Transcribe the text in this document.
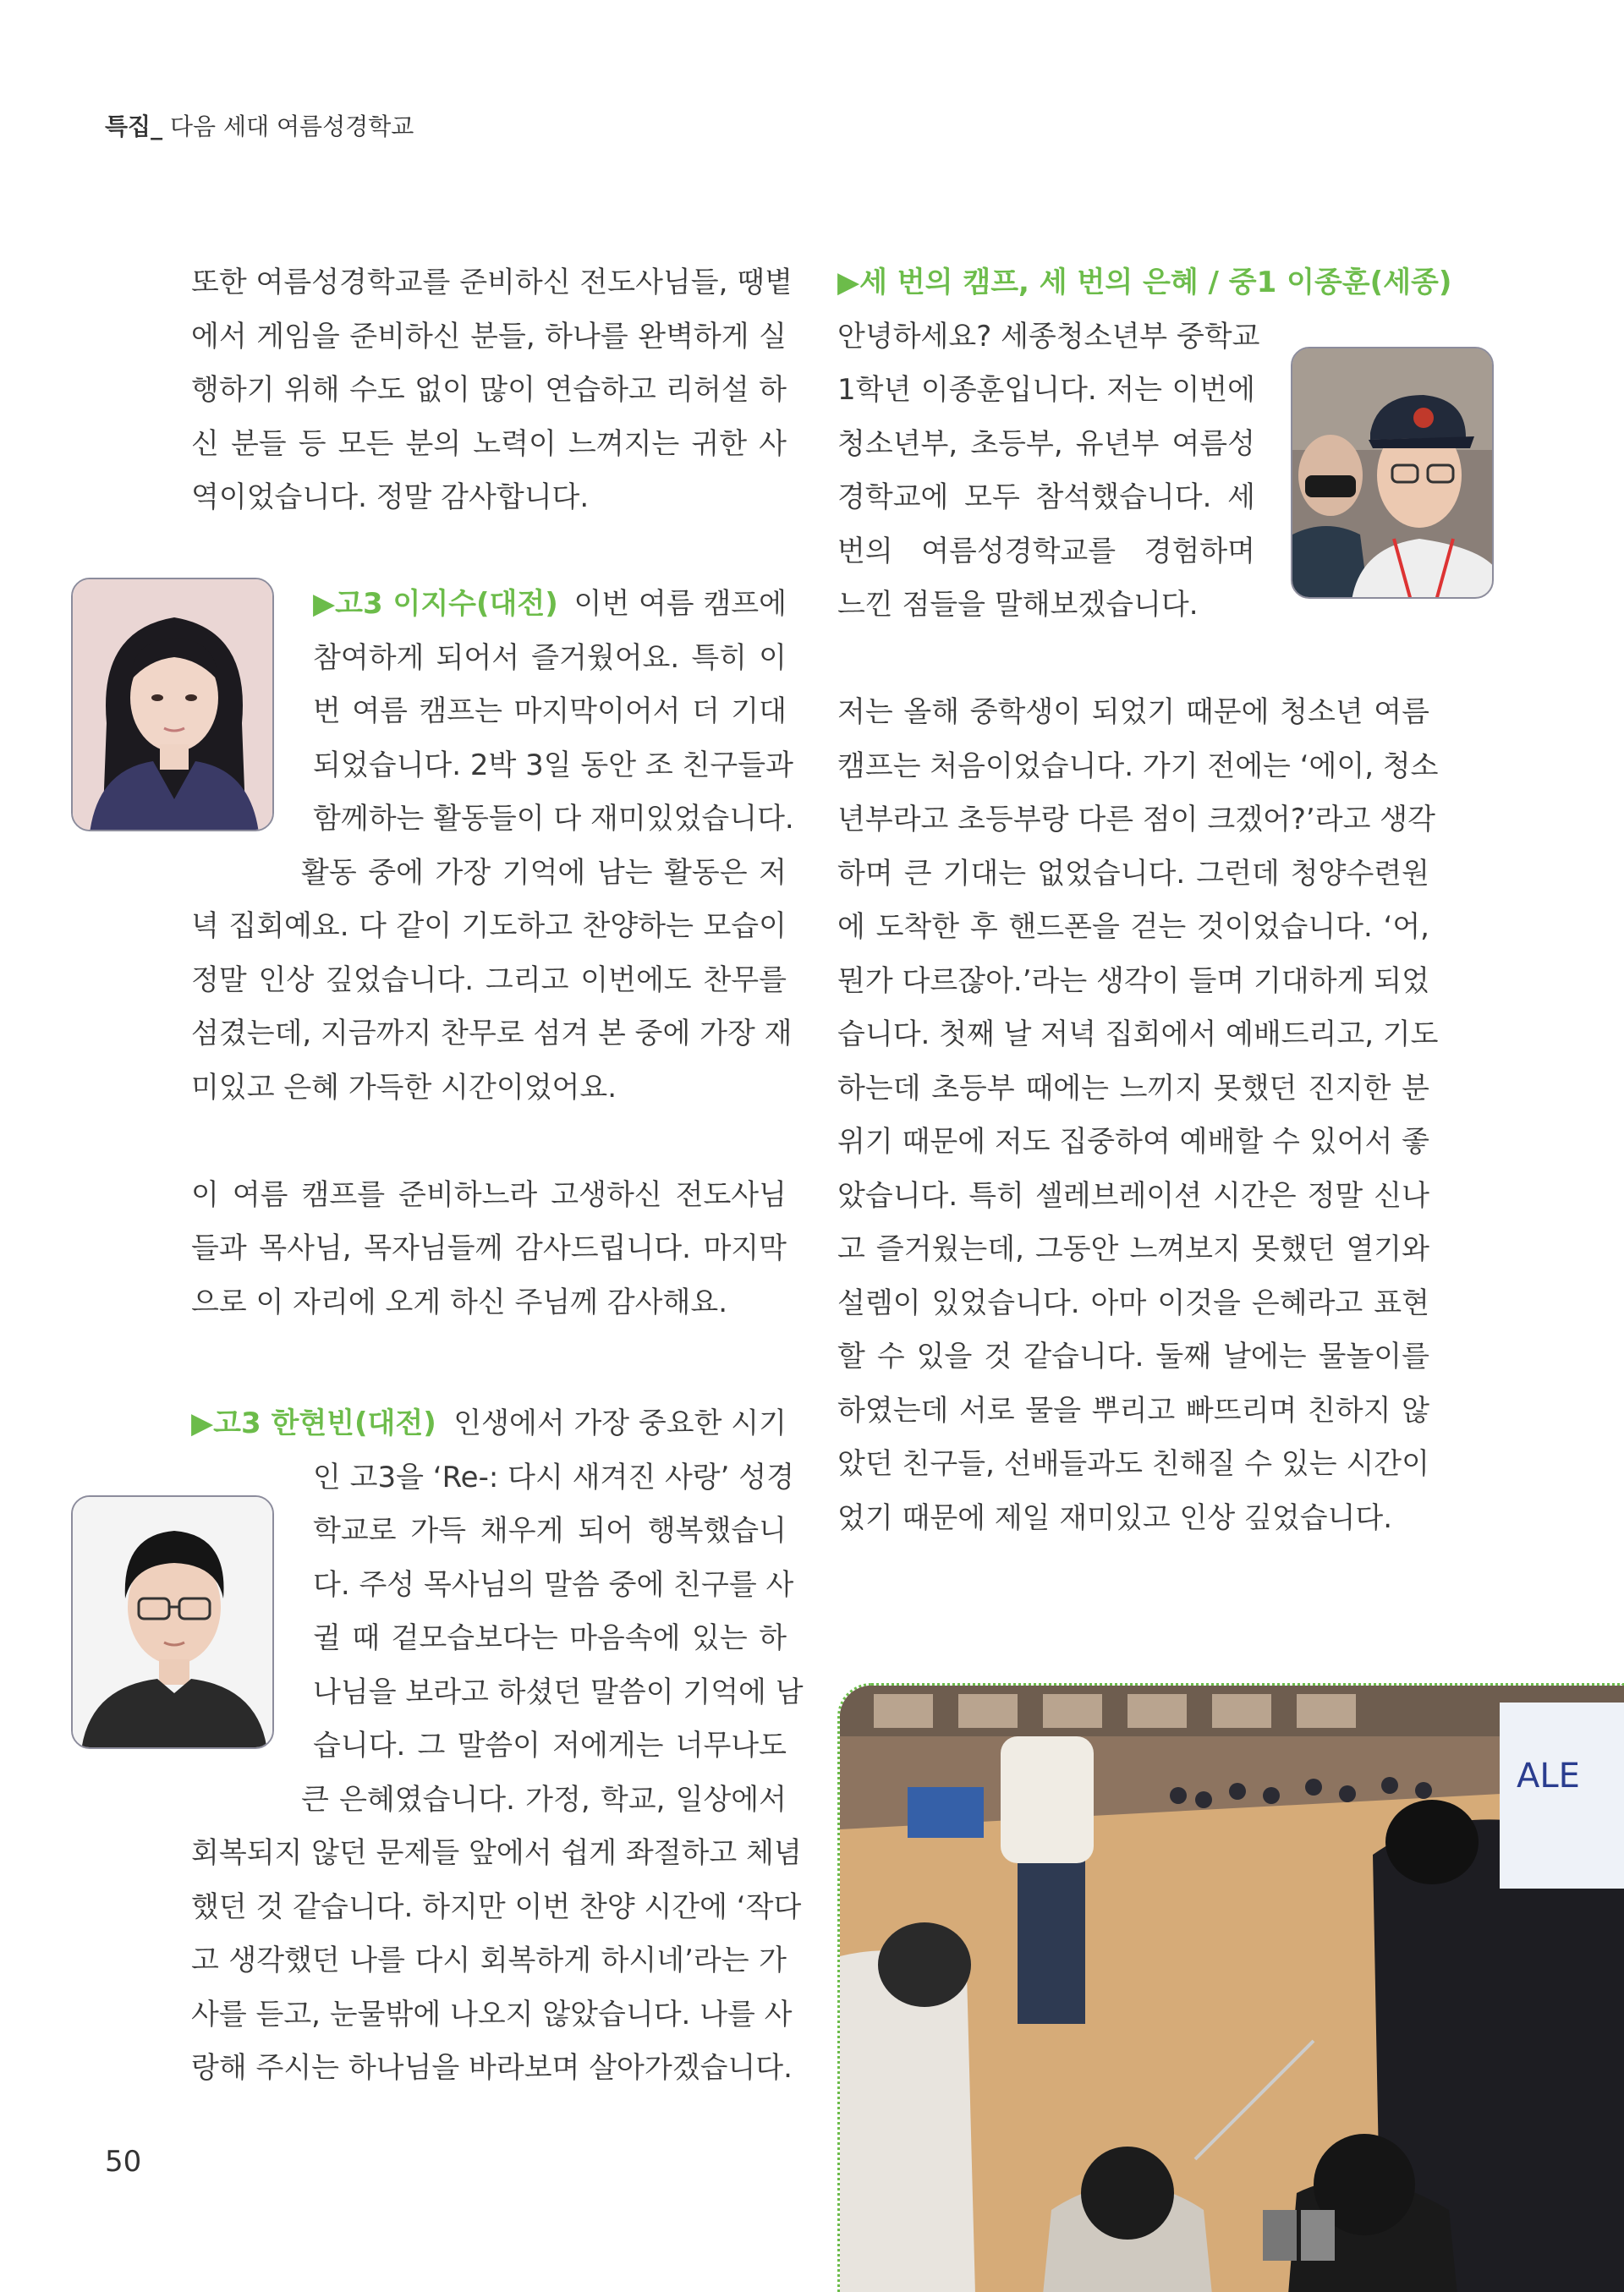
특집_ 다음 세대 여름성경학교
또한 여름성경학교를 준비하신 전도사님들, 땡볕
에서 게임을 준비하신 분들, 하나를 완벽하게 실
행하기 위해 수도 없이 많이 연습하고 리허설 하
신 분들 등 모든 분의 노력이 느껴지는 귀한 사
역이었습니다. 정말 감사합니다.
▶고3 이지수(대전) 이번 여름 캠프에
참여하게 되어서 즐거웠어요. 특히 이
번 여름 캠프는 마지막이어서 더 기대
되었습니다. 2박 3일 동안 조 친구들과
함께하는 활동들이 다 재미있었습니다.
활동 중에 가장 기억에 남는 활동은 저
녁 집회예요. 다 같이 기도하고 찬양하는 모습이
정말 인상 깊었습니다. 그리고 이번에도 찬무를
섬겼는데, 지금까지 찬무로 섬겨 본 중에 가장 재
미있고 은혜 가득한 시간이었어요.
이 여름 캠프를 준비하느라 고생하신 전도사님
들과 목사님, 목자님들께 감사드립니다. 마지막
으로 이 자리에 오게 하신 주님께 감사해요.
▶고3 한현빈(대전) 인생에서 가장 중요한 시기
인 고3을 ‘Re-: 다시 새겨진 사랑’ 성경
학교로 가득 채우게 되어 행복했습니
다. 주성 목사님의 말씀 중에 친구를 사
귈 때 겉모습보다는 마음속에 있는 하
나님을 보라고 하셨던 말씀이 기억에 남
습니다. 그 말씀이 저에게는 너무나도
큰 은혜였습니다. 가정, 학교, 일상에서
회복되지 않던 문제들 앞에서 쉽게 좌절하고 체념
했던 것 같습니다. 하지만 이번 찬양 시간에 ‘작다
고 생각했던 나를 다시 회복하게 하시네’라는 가
사를 듣고, 눈물밖에 나오지 않았습니다. 나를 사
랑해 주시는 하나님을 바라보며 살아가겠습니다.
▶세 번의 캠프, 세 번의 은혜 / 중1 이종훈(세종)
안녕하세요? 세종청소년부 중학교
1학년 이종훈입니다. 저는 이번에
청소년부, 초등부, 유년부 여름성
경학교에 모두 참석했습니다. 세
번의 여름성경학교를 경험하며
느낀 점들을 말해보겠습니다.
저는 올해 중학생이 되었기 때문에 청소년 여름
캠프는 처음이었습니다. 가기 전에는 ‘에이, 청소
년부라고 초등부랑 다른 점이 크겠어?’라고 생각
하며 큰 기대는 없었습니다. 그런데 청양수련원
에 도착한 후 핸드폰을 걷는 것이었습니다. ‘어,
뭔가 다르잖아.’라는 생각이 들며 기대하게 되었
습니다. 첫째 날 저녁 집회에서 예배드리고, 기도
하는데 초등부 때에는 느끼지 못했던 진지한 분
위기 때문에 저도 집중하여 예배할 수 있어서 좋
았습니다. 특히 셀레브레이션 시간은 정말 신나
고 즐거웠는데, 그동안 느껴보지 못했던 열기와
설렘이 있었습니다. 아마 이것을 은혜라고 표현
할 수 있을 것 같습니다. 둘째 날에는 물놀이를
하였는데 서로 물을 뿌리고 빠뜨리며 친하지 않
았던 친구들, 선배들과도 친해질 수 있는 시간이
었기 때문에 제일 재미있고 인상 깊었습니다.
ALE
50
